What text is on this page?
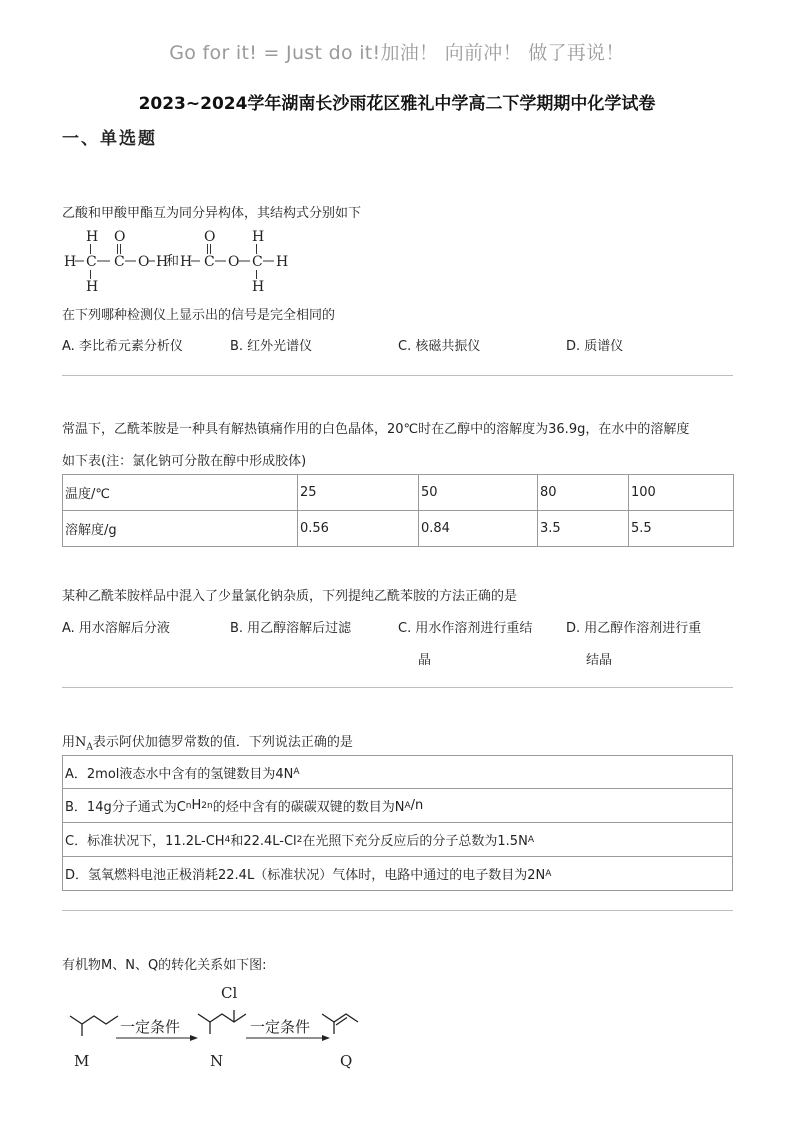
Go for it! = Just do it!加油！ 向前冲！ 做了再说！
2023~2024学年湖南长沙雨花区雅礼中学高二下学期期中化学试卷
一、单选题
乙酸和甲酸甲酯互为同分异构体，其结构式分别如下
H
H C
H
O
C O H
和 H
O
C O
H
C H
H
在下列哪种检测仪上显示出的信号是完全相同的
A. 李比希元素分析仪	B. 红外光谱仪	C. 核磁共振仪	D. 质谱仪
常温下，乙酰苯胺是一种具有解热镇痛作用的白色晶体，20℃时在乙醇中的溶解度为36.9g，在水中的溶解度
如下表(注：氯化钠可分散在醇中形成胶体)
温度/℃	25	50	80	100
溶解度/g	0.56	0.84	3.5	5.5
某种乙酰苯胺样品中混入了少量氯化钠杂质，下列提纯乙酰苯胺的方法正确的是
A. 用水溶解后分液	B. 用乙醇溶解后过滤	C. 用水作溶剂进行重结
晶
D. 用乙醇作溶剂进行重
结晶
用$N_A$表示阿伏加德罗常数的值．下列说法正确的是
A．2mol液态水中含有的氢键数目为4N A
B．14g分子通式为C n H 2n 的烃中含有的碳碳双键的数目为N A /n
C．标准状况下，11.2L-CH 4 和22.4L-Cl 2 在光照下充分反应后的分子总数为1.5N A
D．氢氧燃料电池正极消耗22.4L（标准状况）气体时，电路中通过的电子数目为2N A
有机物M、N、Q的转化关系如下图:
一定条件
Cl
一定条件
M	N	Q
